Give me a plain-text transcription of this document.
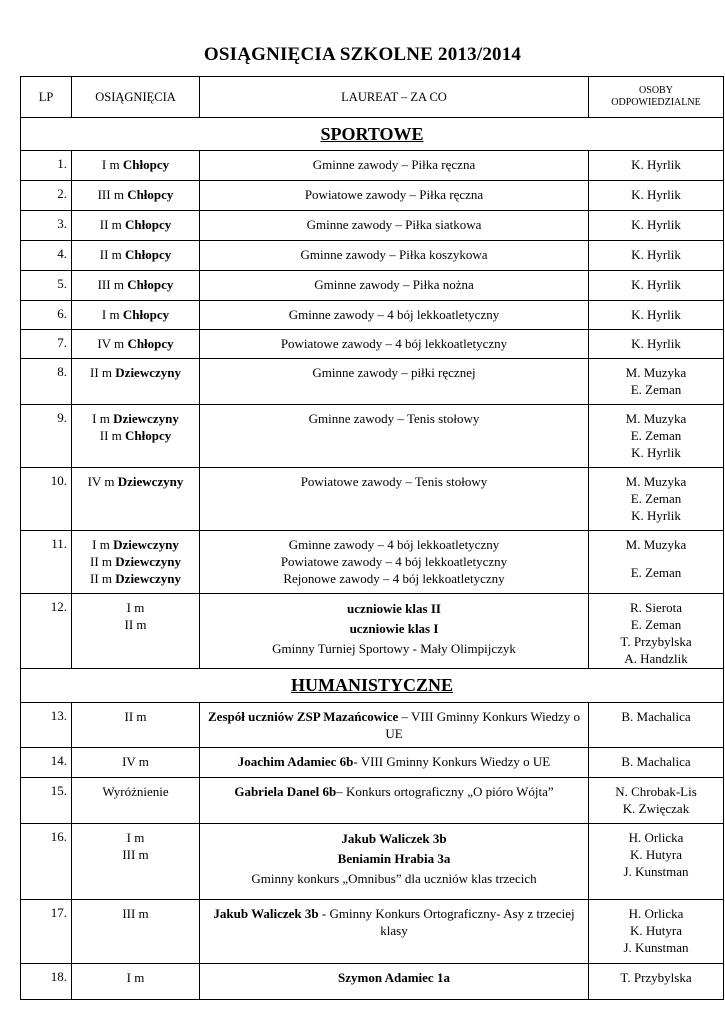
OSIĄGNIĘCIA SZKOLNE 2013/2014
LP	OSIĄGNIĘCIA	LAUREAT – ZA CO	OSOBY
ODPOWIEDZIALNE

SPORTOWE			
1.	I m Chłopcy	Gminne zawody – Piłka ręczna	K. Hyrlik
2.	III m Chłopcy	Powiatowe zawody – Piłka ręczna	K. Hyrlik
3.	II m Chłopcy	Gminne zawody – Piłka siatkowa	K. Hyrlik
4.	II m Chłopcy	Gminne zawody – Piłka koszykowa	K. Hyrlik
5.	III m Chłopcy	Gminne zawody – Piłka nożna	K. Hyrlik
6.	I m Chłopcy	Gminne zawody – 4 bój lekkoatletyczny	K. Hyrlik
7.	IV m Chłopcy	Powiatowe zawody – 4 bój lekkoatletyczny	K. Hyrlik
8.	II m Dziewczyny	Gminne zawody – piłki ręcznej	M. Muzyka
E. Zeman

9.	I m Dziewczyny
II m Chłopcy	Gminne zawody – Tenis stołowy	M. Muzyka
E. Zeman
K. Hyrlik

10.	IV m Dziewczyny	Powiatowe zawody – Tenis stołowy	M. Muzyka
E. Zeman
K. Hyrlik

11.	I m Dziewczyny
II m Dziewczyny
II m Dziewczyny	Gminne zawody – 4 bój lekkoatletyczny
Powiatowe zawody – 4 bój lekkoatletyczny
Rejonowe zawody – 4 bój lekkoatletyczny	M. Muzyka
E. Zeman

12.	I m
II m	uczniowie klas II
uczniowie klas I
Gminny Turniej Sportowy - Mały Olimpijczyk	R. Sierota
E. Zeman
T. Przybylska
A. Handzlik

HUMANISTYCZNE			
13.	II m	Zespół uczniów ZSP Mazańcowice – VIII Gminny Konkurs Wiedzy o UE	B. Machalica
14.	IV m	Joachim Adamiec 6b- VIII Gminny Konkurs Wiedzy o UE	B. Machalica
15.	Wyróżnienie	Gabriela Danel 6b– Konkurs ortograficzny „O pióro Wójta”	N. Chrobak-Lis
K. Zwięczak

16.	I m
III m	Jakub Waliczek 3b
Beniamin Hrabia 3a
Gminny konkurs „Omnibus” dla uczniów klas trzecich	H. Orlicka
K. Hutyra
J. Kunstman

17.	III m	Jakub Waliczek 3b - Gminny Konkurs Ortograficzny- Asy z trzeciej klasy	H. Orlicka
K. Hutyra
J. Kunstman

18.	I m	Szymon Adamiec 1a	T. Przybylska
